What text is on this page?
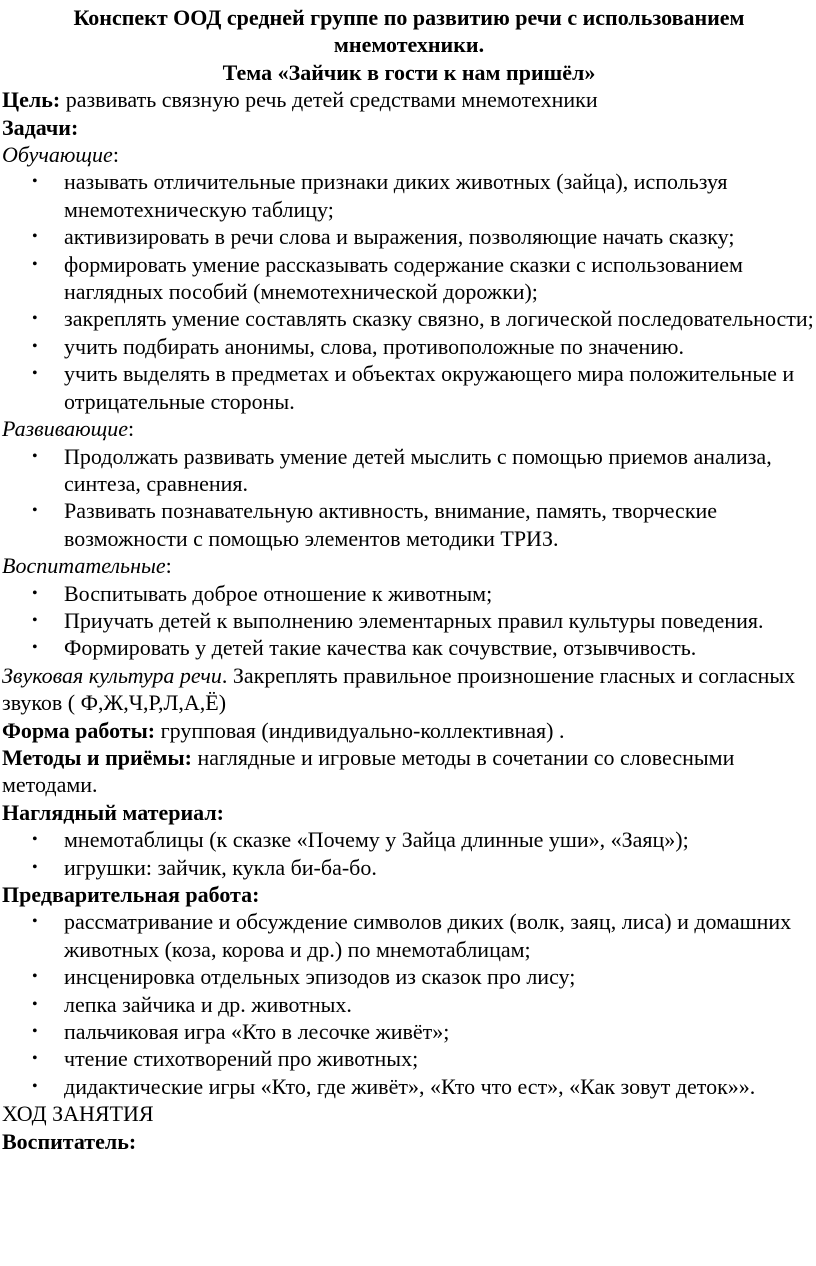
Конспект ООД средней группе по развитию речи с использованием мнемотехники.

Тема «Зайчик в гости к нам пришёл»

Цель: развивать связную речь детей средствами мнемотехники

Задачи:

Обучающие:

• называть отличительные признаки диких животных (зайца), используя мнемотехническую таблицу;
• активизировать в речи слова и выражения, позволяющие начать сказку;
• формировать умение рассказывать содержание сказки с использованием наглядных пособий (мнемотехнической дорожки);
• закреплять умение составлять сказку связно, в логической последовательности;
• учить подбирать анонимы, слова, противоположные по значению.
• учить выделять в предметах и объектах окружающего мира положительные и отрицательные стороны.

Развивающие:

• Продолжать развивать умение детей мыслить с помощью приемов анализа, синтеза, сравнения.
• Развивать познавательную активность, внимание, память, творческие возможности с помощью элементов методики ТРИЗ.

Воспитательные:

• Воспитывать доброе отношение к животным;
• Приучать детей к выполнению элементарных правил культуры поведения.
• Формировать у детей такие качества как сочувствие, отзывчивость.

Звуковая культура речи. Закреплять правильное произношение гласных и согласных звуков ( Ф,Ж,Ч,Р,Л,А,Ё)

Форма работы: групповая (индивидуально-коллективная) .

Методы и приёмы: наглядные и игровые методы в сочетании со словесными методами.

Наглядный материал:

• мнемотаблицы (к сказке «Почему у Зайца длинные уши», «Заяц»);
• игрушки: зайчик, кукла би-ба-бо.

Предварительная работа:

• рассматривание и обсуждение символов диких (волк, заяц, лиса) и домашних животных (коза, корова и др.) по мнемотаблицам;
• инсценировка отдельных эпизодов из сказок про лису;
• лепка зайчика и др. животных.
• пальчиковая игра «Кто в лесочке живёт»;
• чтение стихотворений про животных;
• дидактические игры «Кто, где живёт», «Кто что ест», «Как зовут деток»».

ХОД ЗАНЯТИЯ

Воспитатель:
